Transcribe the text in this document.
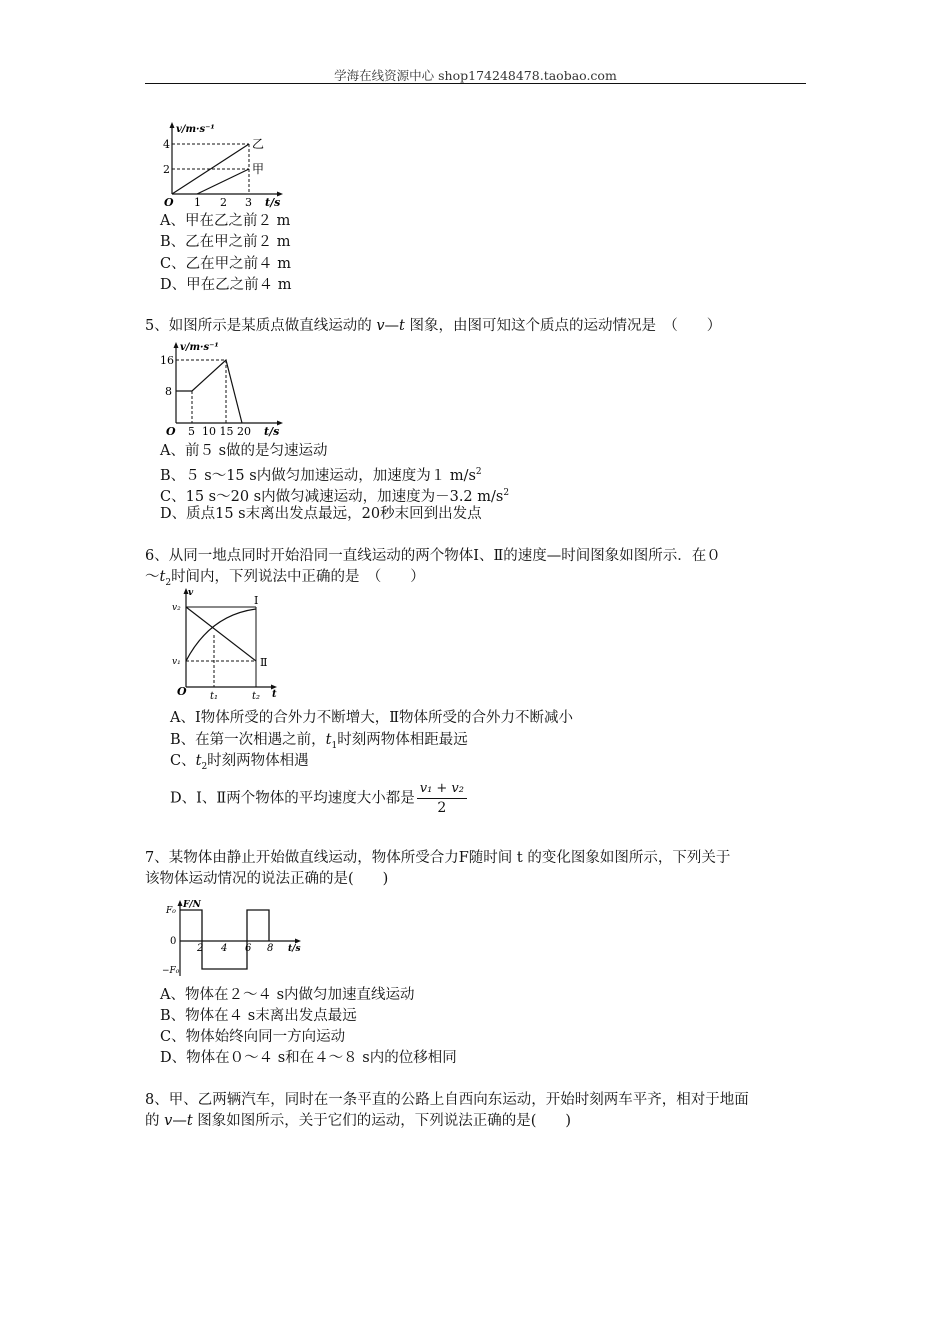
学海在线资源中心 shop174248478.taobao.com
v/m·s⁻¹
4
2
O 1 2 3 t/s
乙
甲
A、甲在乙之前２ m
B、乙在甲之前２ m
C、乙在甲之前４ m
D、甲在乙之前４ m
5、如图所示是某质点做直线运动的 v—t 图象，由图可知这个质点的运动情况是　（　　）
v/m·s⁻¹
16
8
O 5  10 15 20 t/s
A、前５ s做的是匀速运动
B、５ s～15 s内做匀加速运动，加速度为１ $m/s^2$
C、15 s～20 s内做匀减速运动，加速度为－3.2 $m/s^2$
D、质点15 s末离出发点最远，20秒末回到出发点
6、从同一地点同时开始沿同一直线运动的两个物体Ⅰ、Ⅱ的速度—时间图象如图所示．在０
$\sim t_2$时间内，下列说法中正确的是　（　　）
v
v₂
v₁
O t₁	t₂ t
Ⅰ
Ⅱ
A、Ⅰ物体所受的合外力不断增大，Ⅱ物体所受的合外力不断减小
B、在第一次相遇之前，$t_1$时刻两物体相距最远
C、$t_2$时刻两物体相遇
D、Ⅰ、Ⅱ两个物体的平均速度大小都是 $\frac{\text{v₁ + v₂}}{2}$
7、某物体由静止开始做直线运动，物体所受合力F随时间 t 的变化图象如图所示，下列关于
该物体运动情况的说法正确的是(　　)
F/N
F₀
0
−F₀
2 4 6 8 t/s
A、物体在２～４ s内做匀加速直线运动
B、物体在４ s末离出发点最远
C、物体始终向同一方向运动
D、物体在０～４ s和在４～８ s内的位移相同
8、甲、乙两辆汽车，同时在一条平直的公路上自西向东运动，开始时刻两车平齐，相对于地面
的 v—t 图象如图所示，关于它们的运动，下列说法正确的是(　　)
